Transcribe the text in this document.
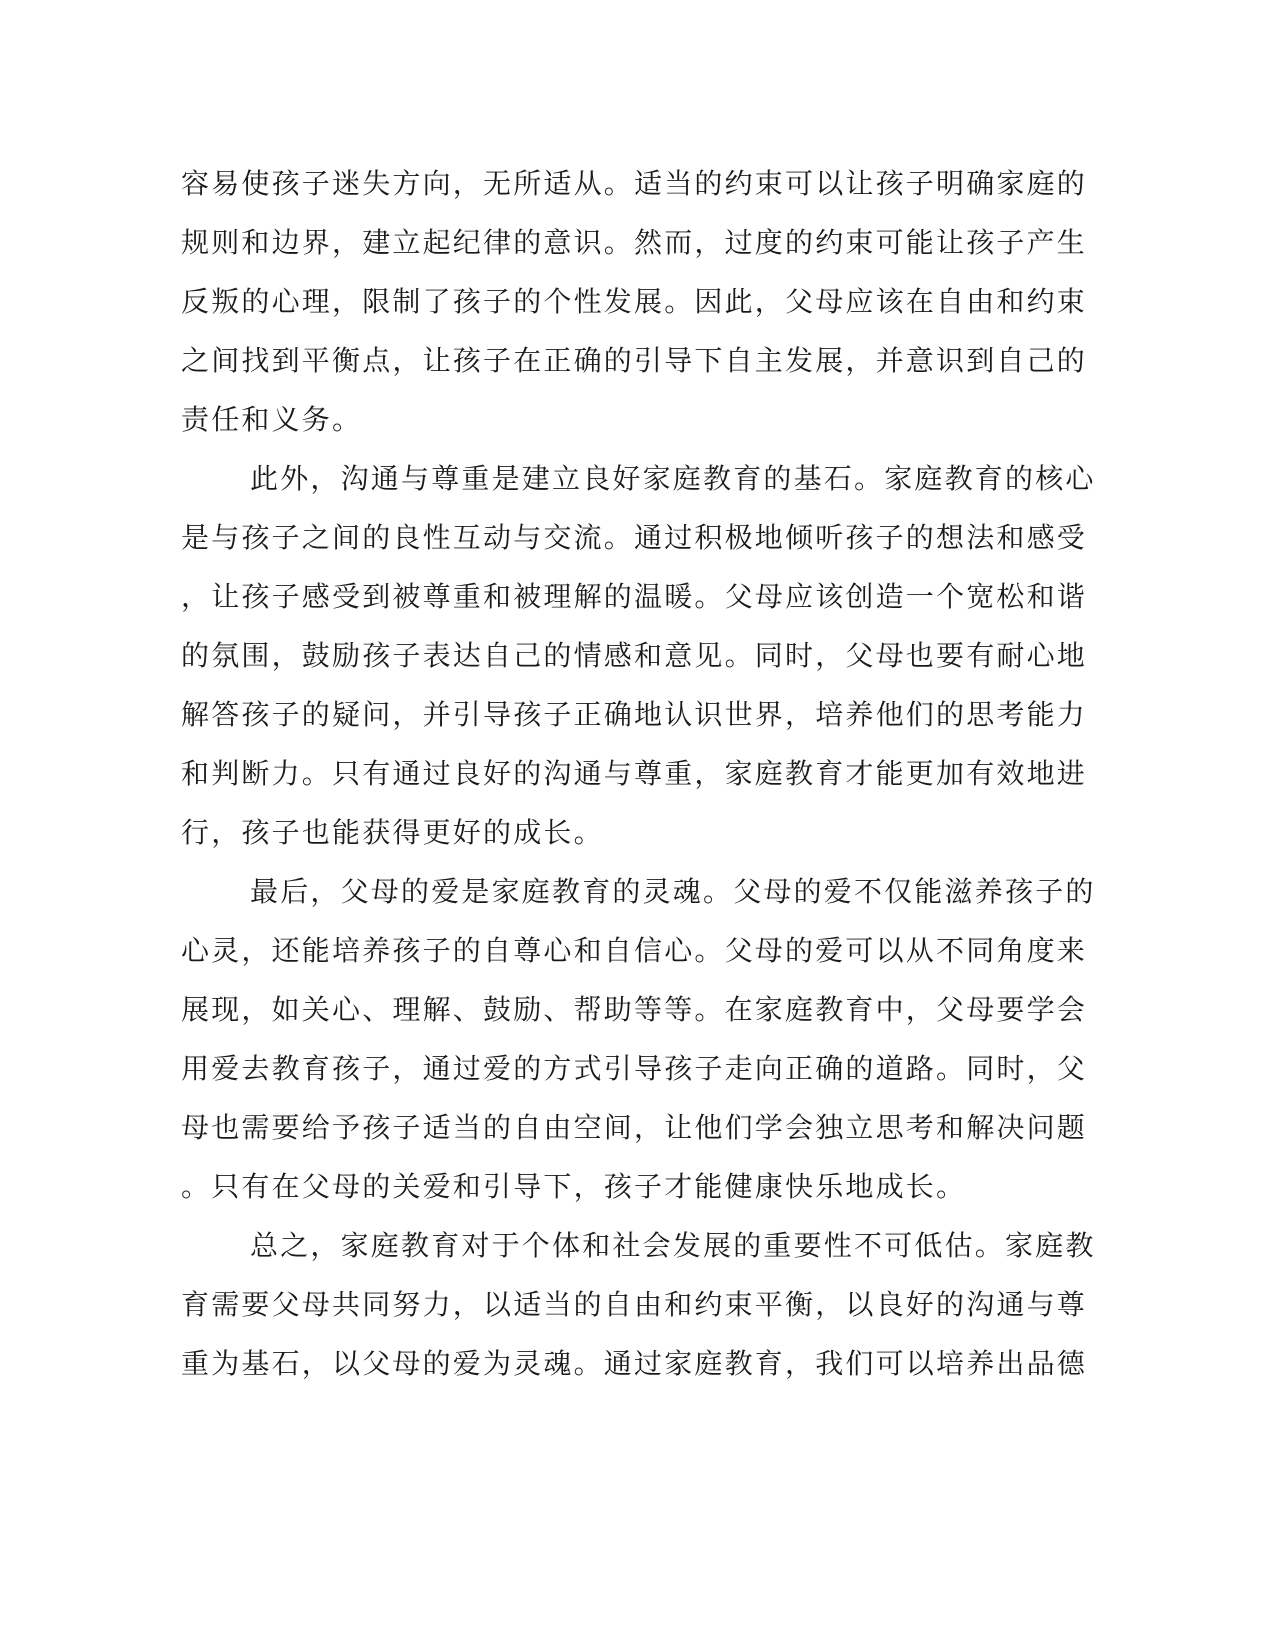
容易使孩子迷失方向，无所适从。适当的约束可以让孩子明确家庭的
规则和边界，建立起纪律的意识。然而，过度的约束可能让孩子产生
反叛的心理，限制了孩子的个性发展。因此，父母应该在自由和约束
之间找到平衡点，让孩子在正确的引导下自主发展，并意识到自己的
责任和义务。
此外，沟通与尊重是建立良好家庭教育的基石。家庭教育的核心
是与孩子之间的良性互动与交流。通过积极地倾听孩子的想法和感受
，让孩子感受到被尊重和被理解的温暖。父母应该创造一个宽松和谐
的氛围，鼓励孩子表达自己的情感和意见。同时，父母也要有耐心地
解答孩子的疑问，并引导孩子正确地认识世界，培养他们的思考能力
和判断力。只有通过良好的沟通与尊重，家庭教育才能更加有效地进
行，孩子也能获得更好的成长。
最后，父母的爱是家庭教育的灵魂。父母的爱不仅能滋养孩子的
心灵，还能培养孩子的自尊心和自信心。父母的爱可以从不同角度来
展现，如关心、理解、鼓励、帮助等等。在家庭教育中，父母要学会
用爱去教育孩子，通过爱的方式引导孩子走向正确的道路。同时，父
母也需要给予孩子适当的自由空间，让他们学会独立思考和解决问题
。只有在父母的关爱和引导下，孩子才能健康快乐地成长。
总之，家庭教育对于个体和社会发展的重要性不可低估。家庭教
育需要父母共同努力，以适当的自由和约束平衡，以良好的沟通与尊
重为基石，以父母的爱为灵魂。通过家庭教育，我们可以培养出品德
